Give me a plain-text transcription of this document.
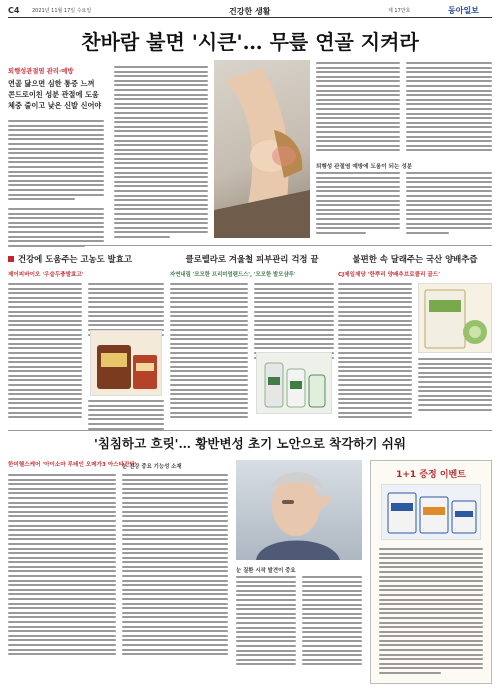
C4	2021년 11월 17일 수요일	건강한 생활	제 17만호	동아일보
찬바람 불면 '시큰'… 무릎 연골 지켜라
퇴행성관절염 관리·예방
연골 닳으면 심한 통증 느껴
콘드로이친 성분 관절에 도움
체중 줄이고 낮은 신발 신어야
퇴행성 관절염 예방에 도움이 되는 성분
건강에 도움주는 고농도 발효고	클로렐라로 겨울철 피부관리 걱정 끝	불편한 속 달래주는 국산 양배추즙
제이피바이오 '우슬두충발효고'	자연내림 '모모한 프리미엄랜드스', '모모한 발모샴푸'	CJ제일제당 '한뿌리 양배추브로콜리 골드'
'침침하고 흐릿'… 황반변성 초기 노안으로 착각하기 쉬워
한미헬스케어 '아이소마 루테인 오메가3 아스타잔틴'
눈 건강 중요 기능성 소재
눈 질환 시작 발견이 중요
1+1 증정 이벤트
